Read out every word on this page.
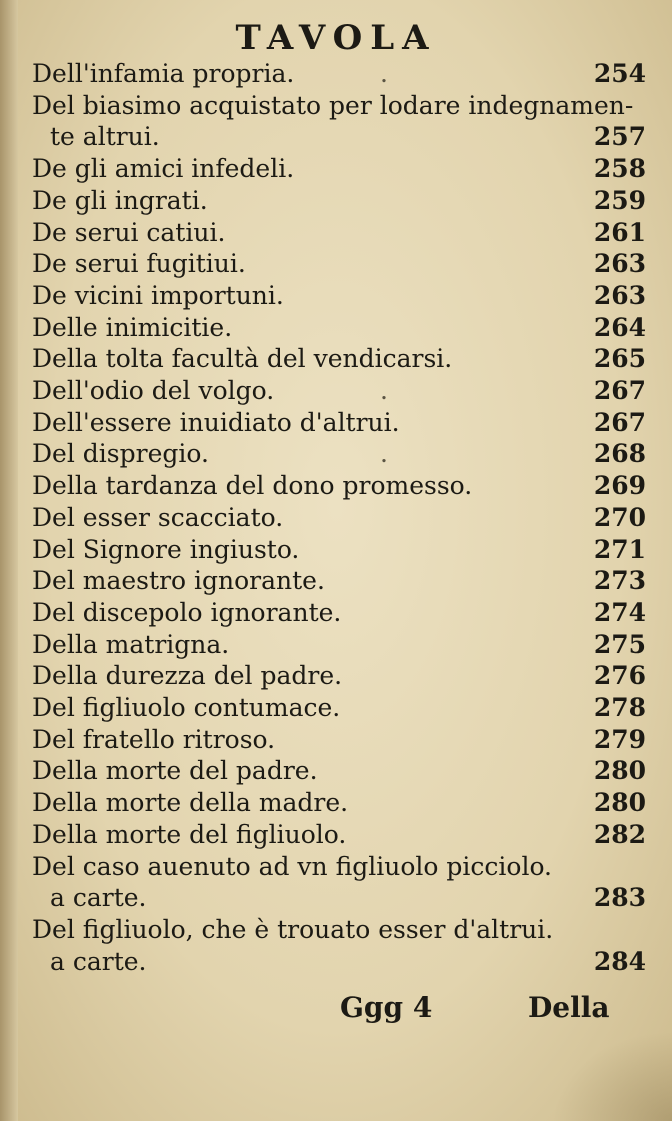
TAVOLA
Dell'infamia propria.	.	254
Del biasimo acquistato per lodare indegnamen-
te altrui.	257
De gli amici infedeli.	258
De gli ingrati.	259
De serui catiui.	261
De serui fugitiui.	263
De vicini importuni.	263
Delle inimicitie.	264
Della tolta facultà del vendicarsi.	265
Dell'odio del volgo.	.	267
Dell'essere inuidiato d'altrui.	267
Del dispregio.	.	268
Della tardanza del dono promesso.	269
Del esser scacciato.	270
Del Signore ingiusto.	271
Del maestro ignorante.	273
Del discepolo ignorante.	274
Della matrigna.	275
Della durezza del padre.	276
Del figliuolo contumace.	278
Del fratello ritroso.	279
Della morte del padre.	280
Della morte della madre.	280
Della morte del figliuolo.	282
Del caso auenuto ad vn figliuolo picciolo.
a carte.	283
Del figliuolo, che è trouato esser d'altrui.
a carte.	284
Ggg 4	Della
